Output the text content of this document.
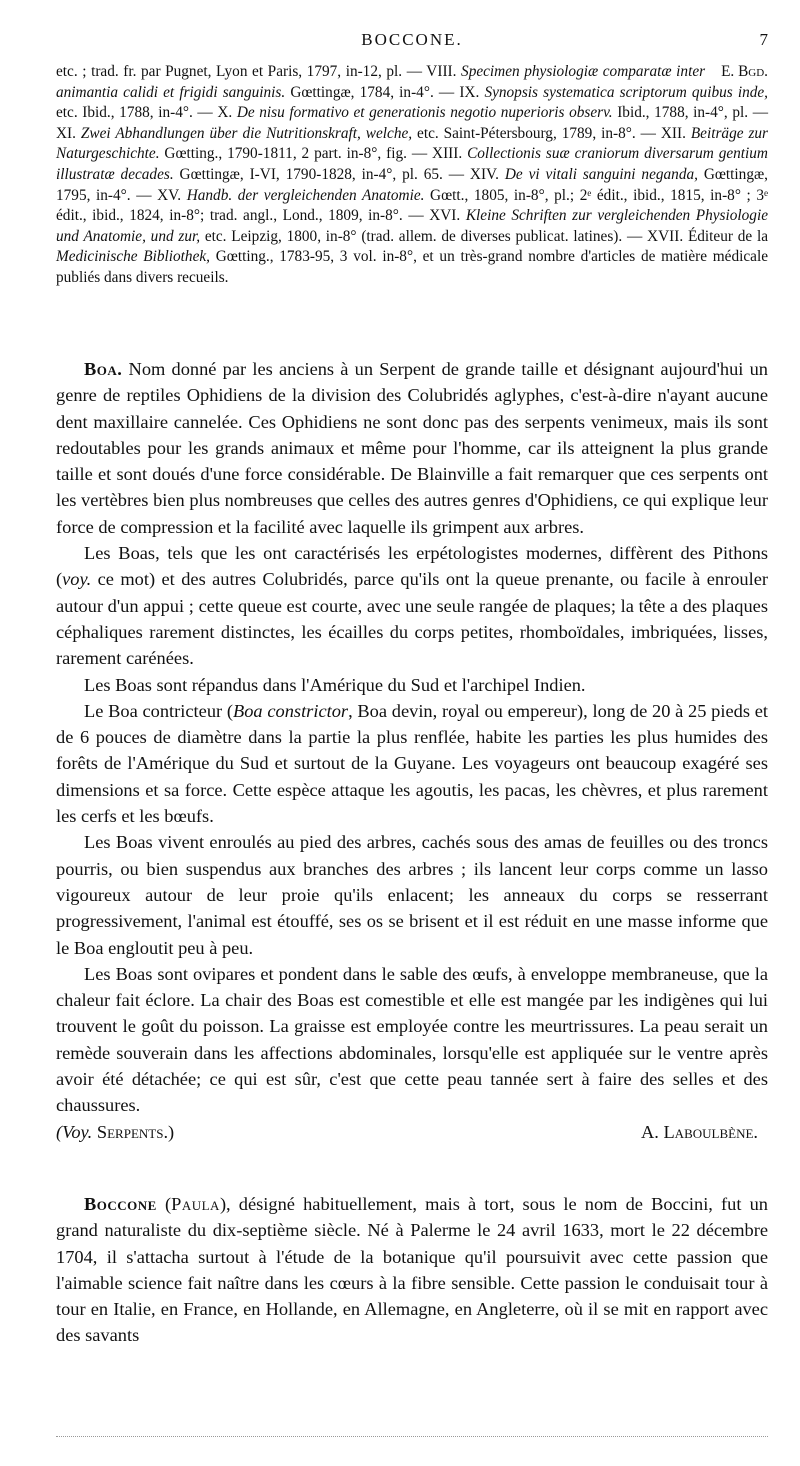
BOCCONE.	7

E. Bgd.
etc. ; trad. fr. par Pugnet, Lyon et Paris, 1797, in-12, pl. — VIII. Specimen physiologiæ comparatæ inter animantia calidi et frigidi sanguinis. Gœttingæ, 1784, in-4°. — IX. Synopsis systematica scriptorum quibus inde, etc. Ibid., 1788, in-4°. — X. De nisu formativo et generationis negotio nuperioris observ. Ibid., 1788, in-4°, pl. — XI. Zwei Abhandlungen über die Nutritionskraft, welche, etc. Saint-Pétersbourg, 1789, in-8°. — XII. Beiträge zur Naturgeschichte. Gœtting., 1790-1811, 2 part. in-8°, fig. — XIII. Collectionis suæ craniorum diversarum gentium illustratæ decades. Gœttingæ, I-VI, 1790-1828, in-4°, pl. 65. — XIV. De vi vitali sanguini neganda, Gœttingæ, 1795, in-4°. — XV. Handb. der vergleichenden Anatomie. Gœtt., 1805, in-8°, pl.; 2ᵉ édit., ibid., 1815, in-8° ; 3ᵉ édit., ibid., 1824, in-8°; trad. angl., Lond., 1809, in-8°. — XVI. Kleine Schriften zur vergleichenden Physiologie und Anatomie, und zur, etc. Leipzig, 1800, in-8° (trad. allem. de diverses publicat. latines). — XVII. Éditeur de la Medicinische Bibliothek, Gœtting., 1783-95, 3 vol. in-8°, et un très-grand nombre d'articles de matière médicale publiés dans divers recueils.

Boa. Nom donné par les anciens à un Serpent de grande taille et désignant aujourd'hui un genre de reptiles Ophidiens de la division des Colubridés aglyphes, c'est-à-dire n'ayant aucune dent maxillaire cannelée. Ces Ophidiens ne sont donc pas des serpents venimeux, mais ils sont redoutables pour les grands animaux et même pour l'homme, car ils atteignent la plus grande taille et sont doués d'une force considérable. De Blainville a fait remarquer que ces serpents ont les vertèbres bien plus nombreuses que celles des autres genres d'Ophidiens, ce qui explique leur force de compression et la facilité avec laquelle ils grimpent aux arbres.

Les Boas, tels que les ont caractérisés les erpétologistes modernes, diffèrent des Pithons (voy. ce mot) et des autres Colubridés, parce qu'ils ont la queue prenante, ou facile à enrouler autour d'un appui ; cette queue est courte, avec une seule rangée de plaques; la tête a des plaques céphaliques rarement distinctes, les écailles du corps petites, rhomboïdales, imbriquées, lisses, rarement carénées.

Les Boas sont répandus dans l'Amérique du Sud et l'archipel Indien.

Le Boa contricteur (Boa constrictor, Boa devin, royal ou empereur), long de 20 à 25 pieds et de 6 pouces de diamètre dans la partie la plus renflée, habite les parties les plus humides des forêts de l'Amérique du Sud et surtout de la Guyane. Les voyageurs ont beaucoup exagéré ses dimensions et sa force. Cette espèce attaque les agoutis, les pacas, les chèvres, et plus rarement les cerfs et les bœufs.

Les Boas vivent enroulés au pied des arbres, cachés sous des amas de feuilles ou des troncs pourris, ou bien suspendus aux branches des arbres ; ils lancent leur corps comme un lasso vigoureux autour de leur proie qu'ils enlacent; les anneaux du corps se resserrant progressivement, l'animal est étouffé, ses os se brisent et il est réduit en une masse informe que le Boa engloutit peu à peu.

Les Boas sont ovipares et pondent dans le sable des œufs, à enveloppe membraneuse, que la chaleur fait éclore. La chair des Boas est comestible et elle est mangée par les indigènes qui lui trouvent le goût du poisson. La graisse est employée contre les meurtrissures. La peau serait un remède souverain dans les affections abdominales, lorsqu'elle est appliquée sur le ventre après avoir été détachée; ce qui est sûr, c'est que cette peau tannée sert à faire des selles et des chaussures.

A. Laboulbène.
(Voy. Serpents.)

Boccone (Paula), désigné habituellement, mais à tort, sous le nom de Boccini, fut un grand naturaliste du dix-septième siècle. Né à Palerme le 24 avril 1633, mort le 22 décembre 1704, il s'attacha surtout à l'étude de la botanique qu'il poursuivit avec cette passion que l'aimable science fait naître dans les cœurs à la fibre sensible. Cette passion le conduisait tour à tour en Italie, en France, en Hollande, en Allemagne, en Angleterre, où il se mit en rapport avec des savants
